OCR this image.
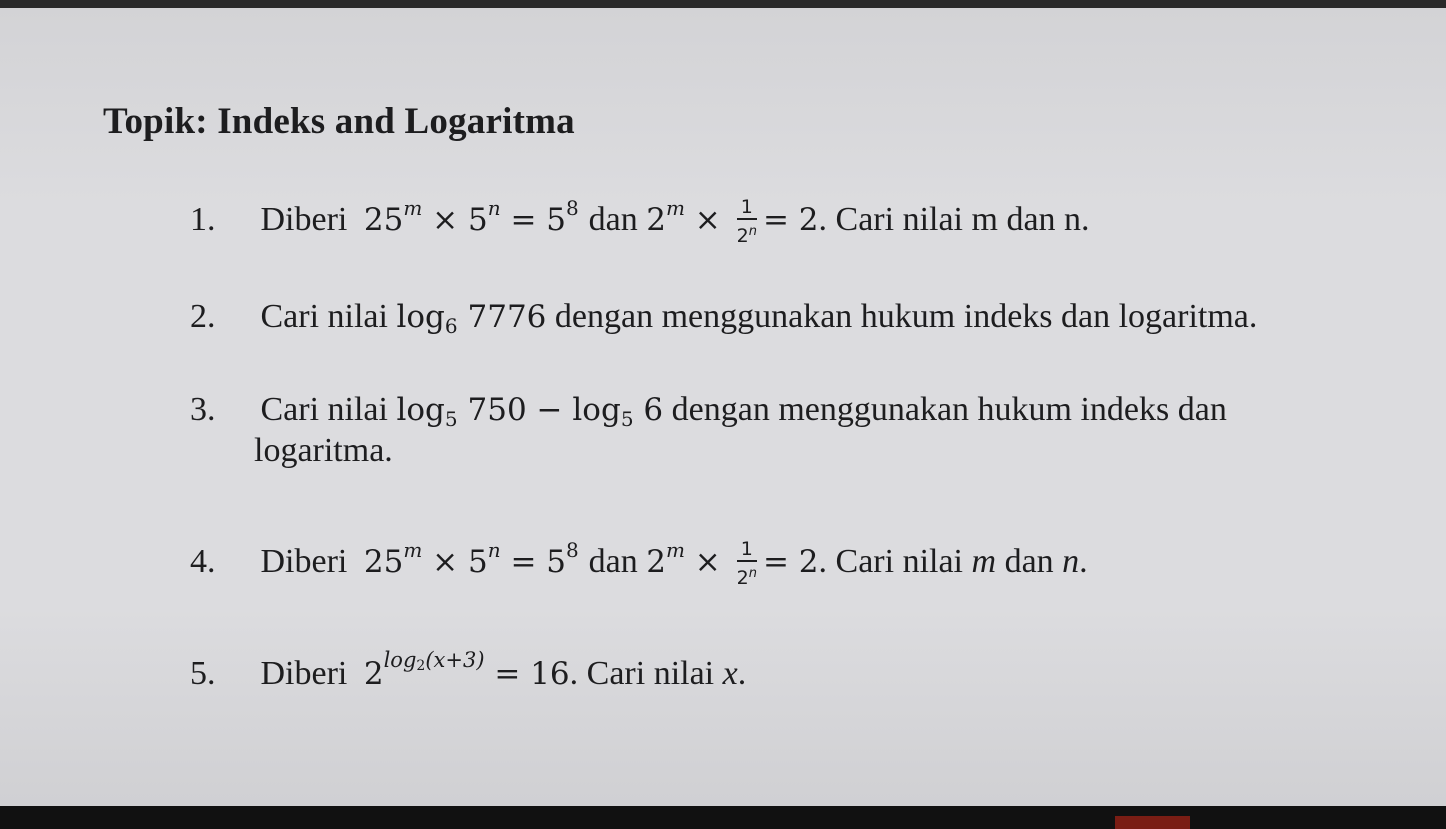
Topik: Indeks and Logaritma
1. Diberi $25^m \times 5^n = 5^8$ dan $2^m \times \frac{1}{2^n} = 2$. Cari nilai m dan n.
2. Cari nilai $\log_6 7776$ dengan menggunakan hukum indeks dan logaritma.
3. Cari nilai $\log_5 750 - \log_5 6$ dengan menggunakan hukum indeks dan
logaritma.
4. Diberi $25^m \times 5^n = 5^8$ dan $2^m \times \frac{1}{2^n} = 2$. Cari nilai m dan n.
5. Diberi $2^{log_2(x+3)} = 16$. Cari nilai x.
